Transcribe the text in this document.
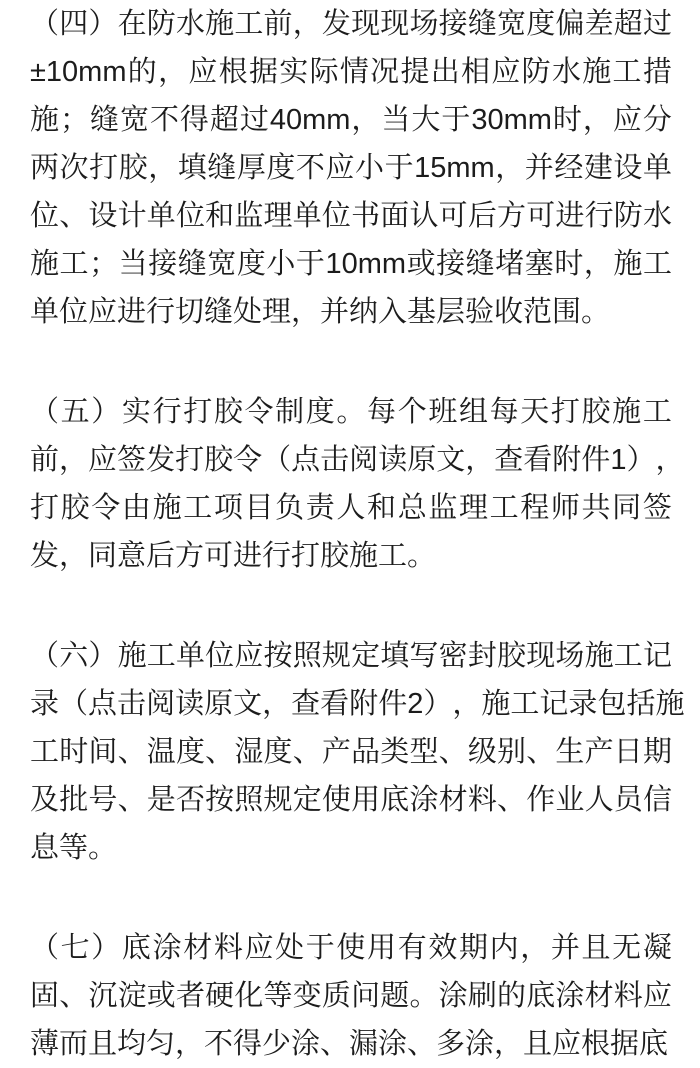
（ 四 ） 在 防 水 施 工 前 ， 发 现 现 场 接 缝 宽 度 偏 差 超 过
±10mm 的 ， 应 根 据 实 际 情 况 提 出 相 应 防 水 施 工 措
施 ； 缝 宽 不 得 超 过 40mm ， 当 大 于 30mm 时 ， 应 分
两 次 打 胶 ， 填 缝 厚 度 不 应 小 于 15mm ， 并 经 建 设 单
位 、 设 计 单 位 和 监 理 单 位 书 面 认 可 后 方 可 进 行 防 水
施 工 ； 当 接 缝 宽 度 小 于 10mm 或 接 缝 堵 塞 时 ， 施 工
单位应进行切缝处理，并纳入基层验收范围。
（ 五 ） 实 行 打 胶 令 制 度 。 每 个 班 组 每 天 打 胶 施 工
前 ， 应 签 发 打 胶 令 （ 点 击 阅 读 原 文 ， 查 看 附 件 1 ） ，
打 胶 令 由 施 工 项 目 负 责 人 和 总 监 理 工 程 师 共 同 签
发，同意后方可进行打胶施工。
（ 六 ） 施 工 单 位 应 按 照 规 定 填 写 密 封 胶 现 场 施 工 记
录 （ 点 击 阅 读 原 文 ， 查 看 附 件 2 ） ， 施 工 记 录 包 括 施
工 时 间 、 温 度 、 湿 度 、 产 品 类 型 、 级 别 、 生 产 日 期
及 批 号 、 是 否 按 照 规 定 使 用 底 涂 材 料 、 作 业 人 员 信
息等。
（ 七 ） 底 涂 材 料 应 处 于 使 用 有 效 期 内 ， 并 且 无 凝
固 、 沉 淀 或 者 硬 化 等 变 质 问 题 。 涂 刷 的 底 涂 材 料 应
薄而且均匀，不得少涂、漏涂、多涂，且应根据底
